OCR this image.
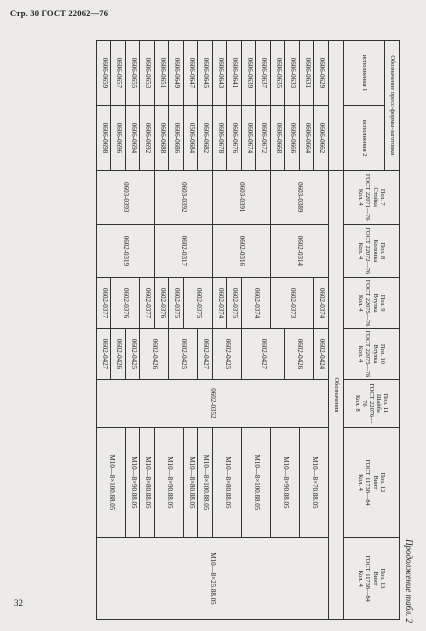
Стр. 30 ГОСТ 22062—76
32	Продолжение табл. 2
Обозначение пресс-формы-заготовки		Поз. 7
Стойка
ГОСТ 22071—76
Кол. 4	Поз. 8
Колонка
ГОСТ 22072—76
Кол. 4	Поз. 9
Втулка
ГОСТ 22075—76
Кол. 4	Поз. 10
Втулка
ГОСТ 22075—76
Кол. 4	Поз. 11
Шайба
ГОСТ 22076—76
Кол. 8	Поз. 12
Винт
ГОСТ 11738—84
Кол. 4	Поз. 13
Винт
ГОСТ 11738—84
Кол. 4
исполнения 1	исполнения 2							
		Обозначения						
0606-0629	0606-0662	0603-0389	0602-0314	0602-0374	0602-0424	0602-0352	М10—8×70.88.05	М10—8×25.88.05
0606-0631	0606-0664			0602-0373	0602-0426			
0606-0633	0606-0666						М10—8×90.88.05	
0606-0635	0606-0668				0602-0427			
0606-0637	0606-0672	0603-0391	0602-0316	0602-0374			М10—8×100.88.05	
0606-0639	0606-0674							
0606-0641	0606-0676			0602-0375	0602-0425		М10—8×80.88.05	
0606-0643	0606-0678			0602-0374				
0606-0645	0606-0682	0603-0392	0602-0317	0602-0375	0602-0427		М10—8×100.88.05	
0606-0647	0506-0684				0602-0425		М10—8×80.88.05	
0606-0649	0606-0686			0602-0375			М10—8×90.88.05	
0606-0651	0606-0688			0602-0376	0602-0426			
0606-0653	0606-0692	0603-0393	0602-0319	0602-0377			М10—8×80.88.05	
0606-0655	0606-0694			0602-0376	0602-0425		М10—8×90.88.05	
0606-0657	0606-0696				0602-0426		М10—8×100.88.05	
0606-0659	0606-0698			0602-0377	0602-0427			
